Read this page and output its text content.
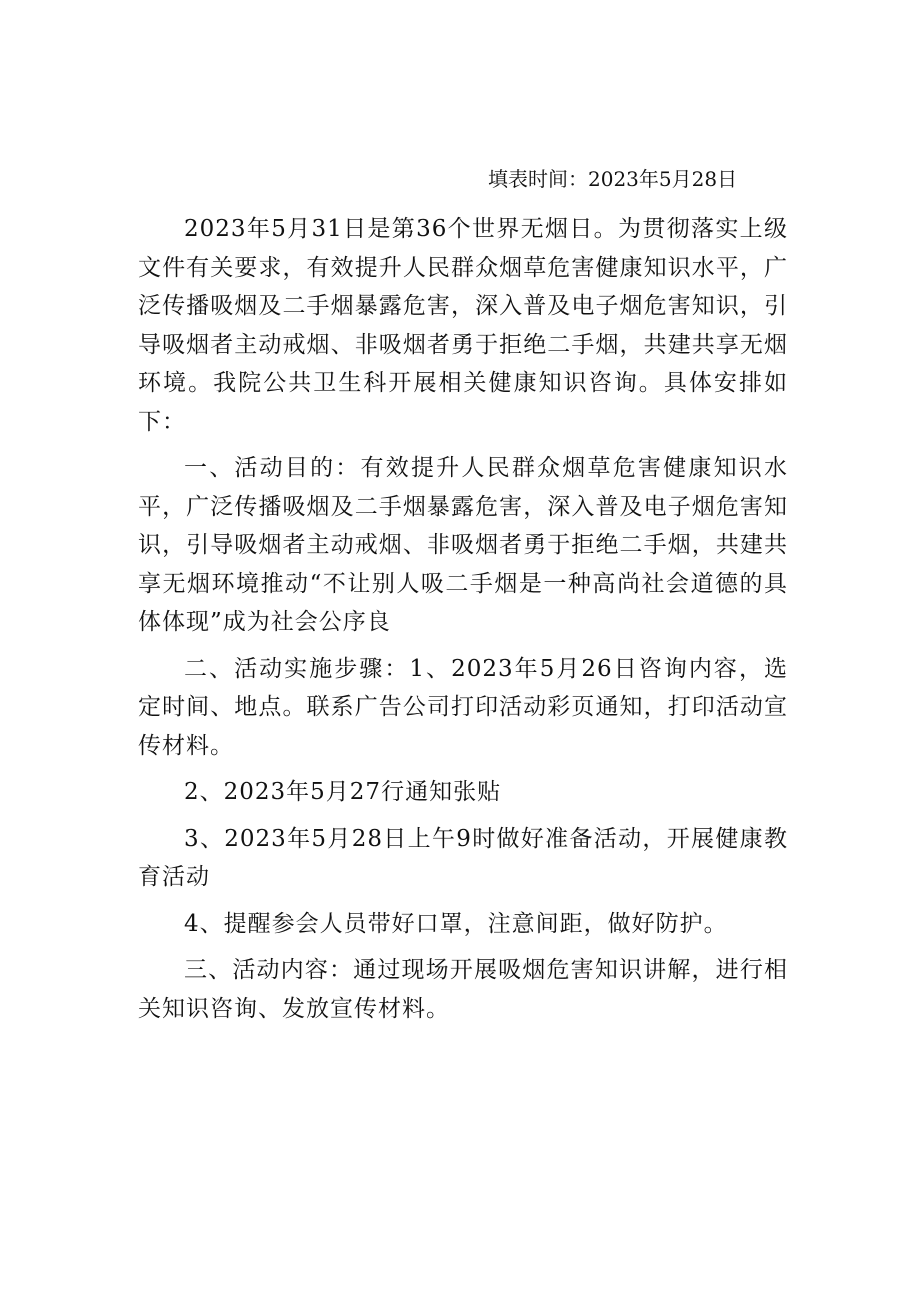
填表时间：2023年5月28日

2023年5月31日是第36个世界无烟日。为贯彻落实上级文件有关要求，有效提升人民群众烟草危害健康知识水平，广泛传播吸烟及二手烟暴露危害，深入普及电子烟危害知识，引导吸烟者主动戒烟、非吸烟者勇于拒绝二手烟，共建共享无烟环境。我院公共卫生科开展相关健康知识咨询。具体安排如下：

一、活动目的：有效提升人民群众烟草危害健康知识水平，广泛传播吸烟及二手烟暴露危害，深入普及电子烟危害知识，引导吸烟者主动戒烟、非吸烟者勇于拒绝二手烟，共建共享无烟环境推动“不让别人吸二手烟是一种高尚社会道德的具体体现”成为社会公序良

二、活动实施步骤：1、2023年5月26日咨询内容，选定时间、地点。联系广告公司打印活动彩页通知，打印活动宣传材料。

2、2023年5月27行通知张贴

3、2023年5月28日上午9时做好准备活动，开展健康教育活动

4、提醒参会人员带好口罩，注意间距，做好防护。

三、活动内容：通过现场开展吸烟危害知识讲解，进行相关知识咨询、发放宣传材料。
